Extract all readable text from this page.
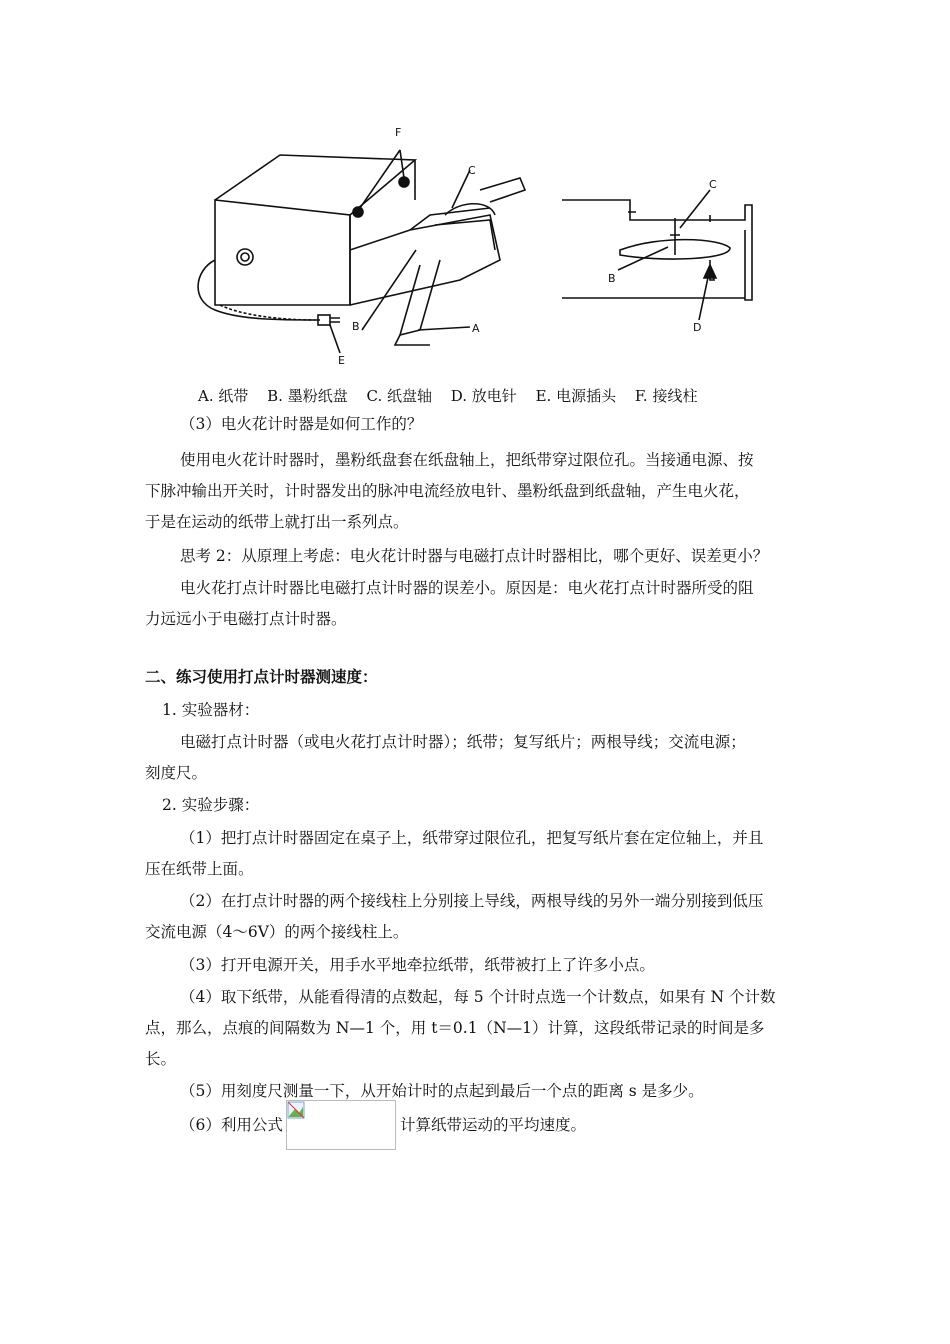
F
C
B	A
E
C
B
D
A. 纸带 B. 墨粉纸盘 C. 纸盘轴 D. 放电针 E. 电源插头 F. 接线柱
（3）电火花计时器是如何工作的？
使用电火花计时器时，墨粉纸盘套在纸盘轴上，把纸带穿过限位孔。当接通电源、按
下脉冲输出开关时，计时器发出的脉冲电流经放电针、墨粉纸盘到纸盘轴，产生电火花，
于是在运动的纸带上就打出一系列点。
思考 2：从原理上考虑：电火花计时器与电磁打点计时器相比，哪个更好、误差更小？
电火花打点计时器比电磁打点计时器的误差小。原因是：电火花打点计时器所受的阻
力远远小于电磁打点计时器。
二、练习使用打点计时器测速度：
1. 实验器材：
电磁打点计时器（或电火花打点计时器）；纸带；复写纸片；两根导线；交流电源；
刻度尺。
2. 实验步骤：
（1）把打点计时器固定在桌子上，纸带穿过限位孔，把复写纸片套在定位轴上，并且
压在纸带上面。
（2）在打点计时器的两个接线柱上分别接上导线，两根导线的另外一端分别接到低压
交流电源（4～6V）的两个接线柱上。
（3）打开电源开关，用手水平地牵拉纸带，纸带被打上了许多小点。
（4）取下纸带，从能看得清的点数起，每 5 个计时点选一个计数点，如果有 N 个计数
点，那么，点痕的间隔数为 N—1 个，用 t＝0.1（N—1）计算，这段纸带记录的时间是多
长。
（5）用刻度尺测量一下，从开始计时的点起到最后一个点的距离 s 是多少。
（6）利用公式	计算纸带运动的平均速度。
